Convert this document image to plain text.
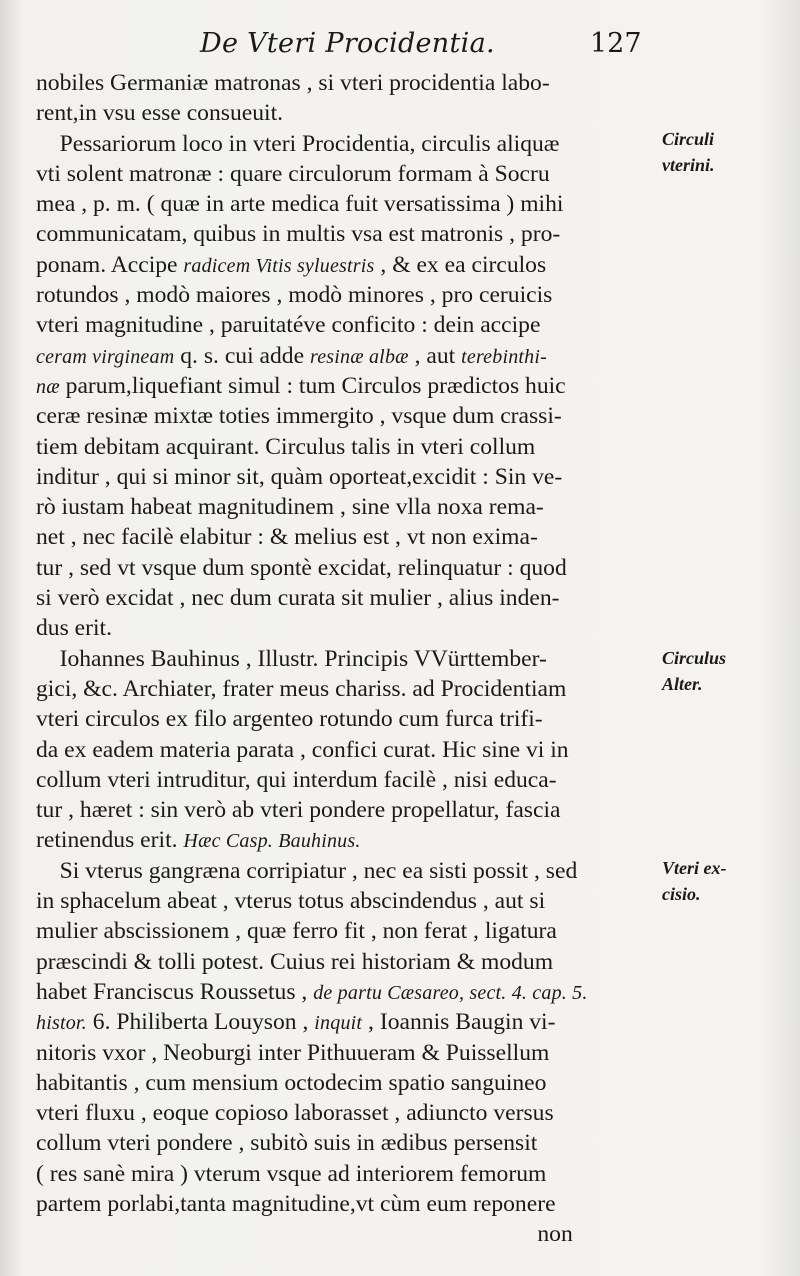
De Vteri Procidentia.	127
nobiles Germaniæ matronas , si vteri procidentia labo-
rent,in vsu esse consueuit.
Pessariorum loco in vteri Procidentia, circulis aliquæ
vti solent matronæ : quare circulorum formam à Socru
mea , p. m. ( quæ in arte medica fuit versatissima ) mihi
communicatam, quibus in multis vsa est matronis , pro-
ponam. Accipe radicem Vitis syluestris , & ex ea circulos
rotundos , modò maiores , modò minores , pro ceruicis
vteri magnitudine , paruitatéve conficito : dein accipe
ceram virgineam q. s. cui adde resinæ albæ , aut terebinthi-
næ parum,liquefiant simul : tum Circulos prædictos huic
ceræ resinæ mixtæ toties immergito , vsque dum crassi-
tiem debitam acquirant. Circulus talis in vteri collum
inditur , qui si minor sit, quàm oporteat,excidit : Sin ve-
rò iustam habeat magnitudinem , sine vlla noxa rema-
net , nec facilè elabitur : & melius est , vt non exima-
tur , sed vt vsque dum spontè excidat, relinquatur : quod
si verò excidat , nec dum curata sit mulier , alius inden-
dus erit.
Iohannes Bauhinus , Illustr. Principis VVürttember-
gici, &c. Archiater, frater meus chariss. ad Procidentiam
vteri circulos ex filo argenteo rotundo cum furca trifi-
da ex eadem materia parata , confici curat. Hic sine vi in
collum vteri intruditur, qui interdum facilè , nisi educa-
tur , hæret : sin verò ab vteri pondere propellatur, fascia
retinendus erit. Hæc Casp. Bauhinus.
Si vterus gangræna corripiatur , nec ea sisti possit , sed
in sphacelum abeat , vterus totus abscindendus , aut si
mulier abscissionem , quæ ferro fit , non ferat , ligatura
præscindi & tolli potest. Cuius rei historiam & modum
habet Franciscus Roussetus , de partu Cæsareo, sect. 4. cap. 5.
histor. 6. Philiberta Louyson , inquit , Ioannis Baugin vi-
nitoris vxor , Neoburgi inter Pithuueram & Puissellum
habitantis , cum mensium octodecim spatio sanguineo
vteri fluxu , eoque copioso laborasset , adiuncto versus
collum vteri pondere , subitò suis in ædibus persensit
( res sanè mira ) vterum vsque ad interiorem femorum
partem porlabi,tanta magnitudine,vt cùm eum reponere
non
Circuli
vterini.
Circulus
Alter.
Vteri ex-
cisio.
